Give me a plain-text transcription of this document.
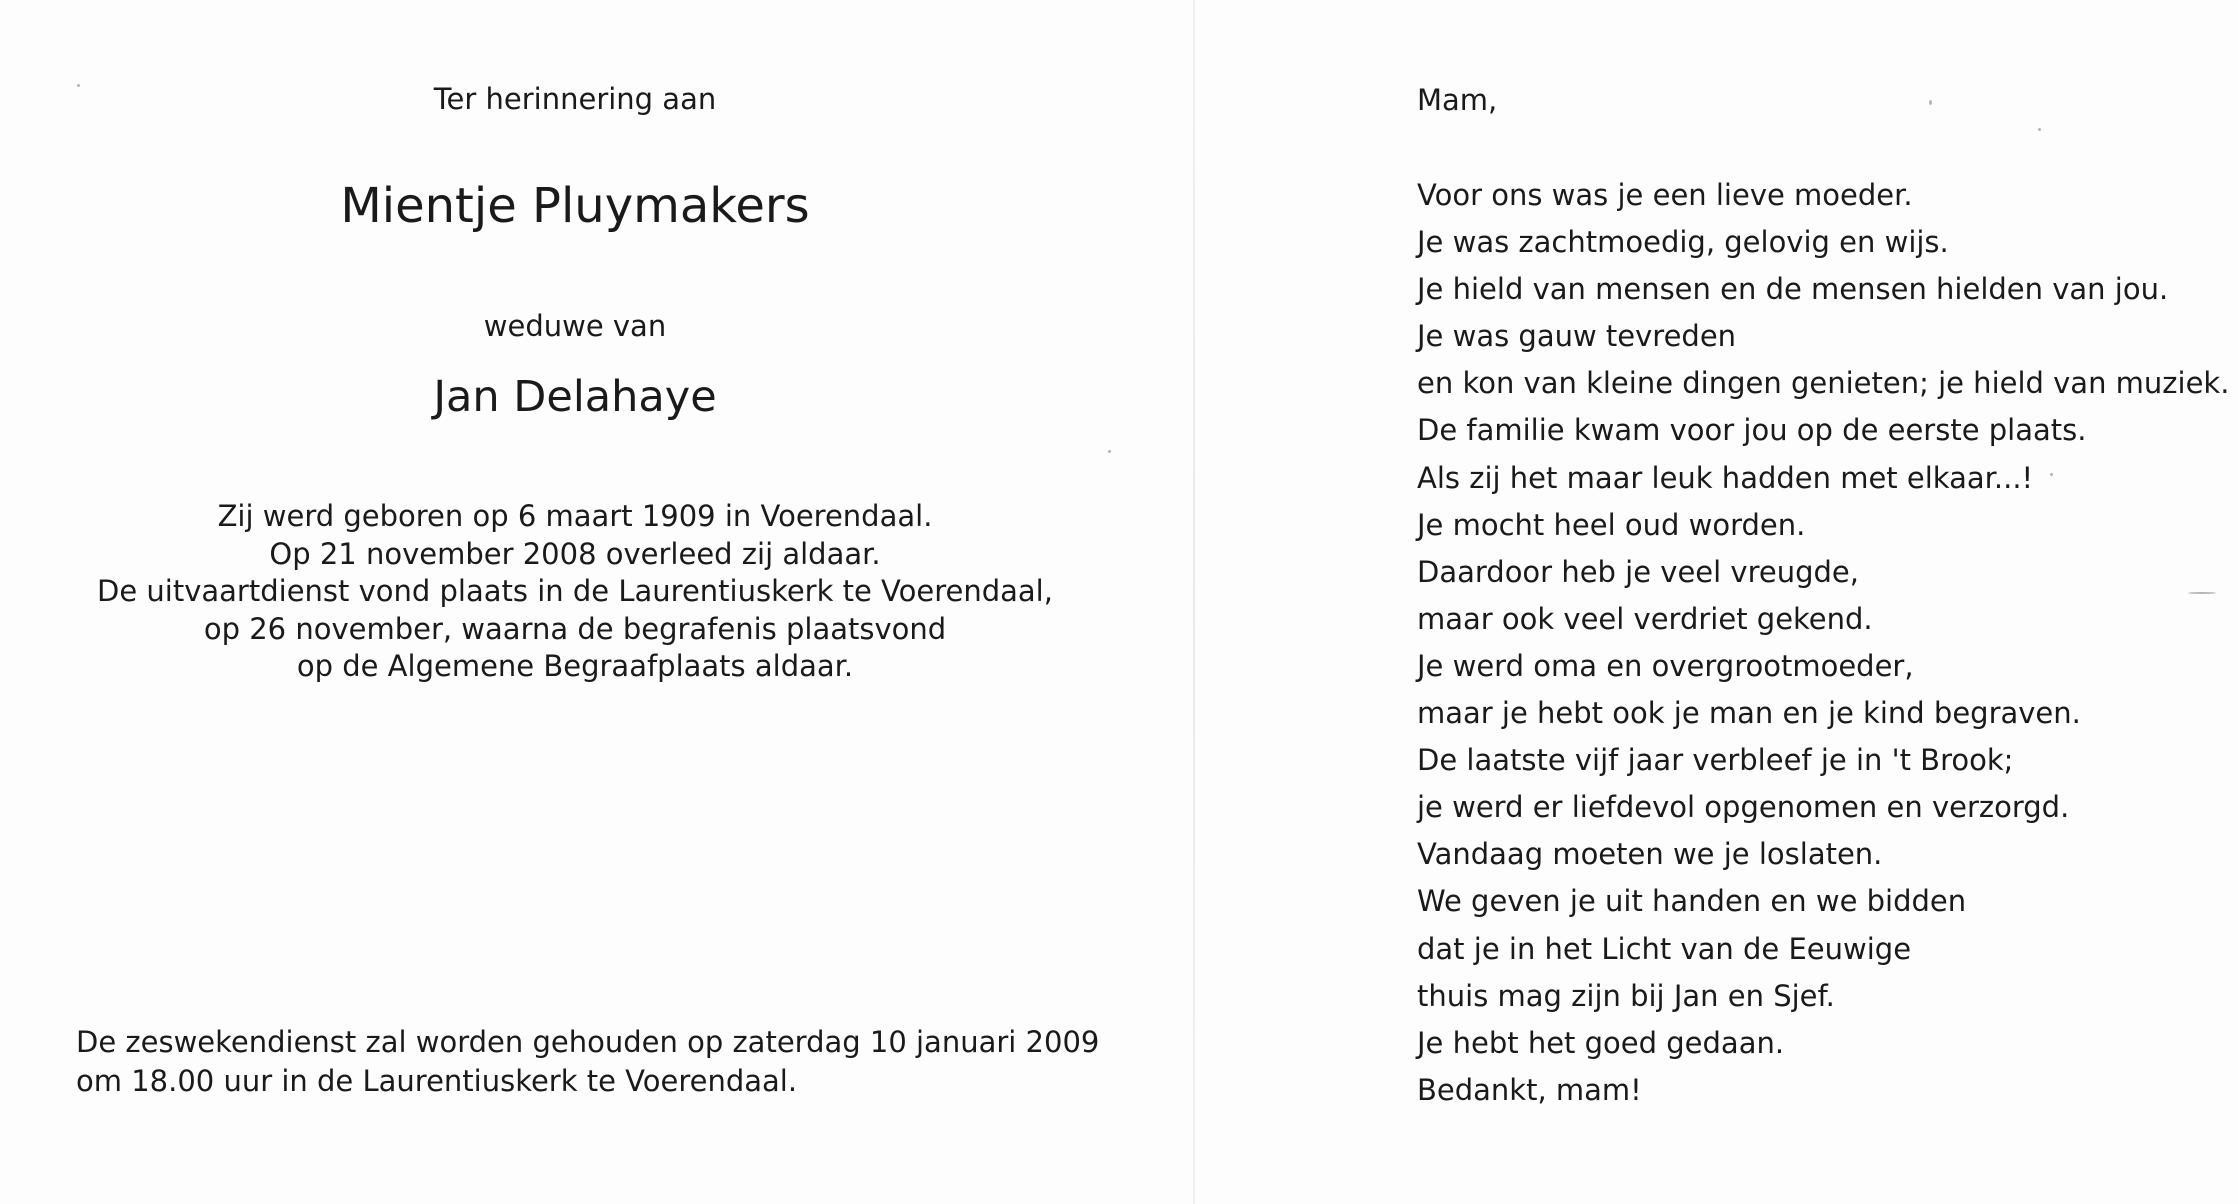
Ter herinnering aan
Mientje Pluymakers
weduwe van
Jan Delahaye
Zij werd geboren op 6 maart 1909 in Voerendaal.
Op 21 november 2008 overleed zij aldaar.
De uitvaartdienst vond plaats in de Laurentiuskerk te Voerendaal,
op 26 november, waarna de begrafenis plaatsvond
op de Algemene Begraafplaats aldaar.
De zeswekendienst zal worden gehouden op zaterdag 10 januari 2009
om 18.00 uur in de Laurentiuskerk te Voerendaal.
Mam,
Voor ons was je een lieve moeder.
Je was zachtmoedig, gelovig en wijs.
Je hield van mensen en de mensen hielden van jou.
Je was gauw tevreden
en kon van kleine dingen genieten; je hield van muziek.
De familie kwam voor jou op de eerste plaats.
Als zij het maar leuk hadden met elkaar...!
Je mocht heel oud worden.
Daardoor heb je veel vreugde,
maar ook veel verdriet gekend.
Je werd oma en overgrootmoeder,
maar je hebt ook je man en je kind begraven.
De laatste vijf jaar verbleef je in 't Brook;
je werd er liefdevol opgenomen en verzorgd.
Vandaag moeten we je loslaten.
We geven je uit handen en we bidden
dat je in het Licht van de Eeuwige
thuis mag zijn bij Jan en Sjef.
Je hebt het goed gedaan.
Bedankt, mam!
